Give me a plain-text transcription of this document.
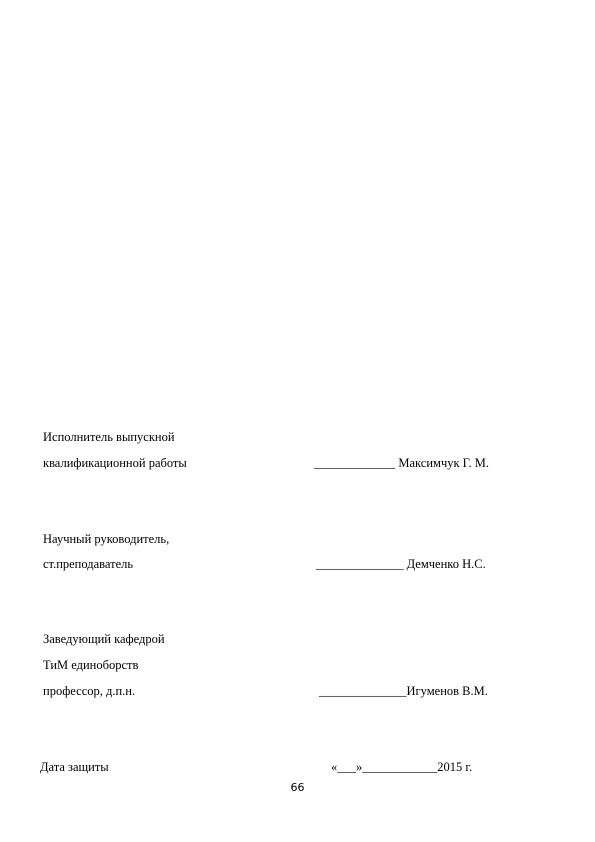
Исполнитель выпускной
квалификационной работы	_____________ Максимчук Г. М.
Научный руководитель,
ст.преподаватель	______________ Демченко Н.С.
Заведующий кафедрой
ТиМ единоборств
профессор, д.п.н.	______________Игуменов В.М.
Дата защиты	«___»____________2015 г.
66
